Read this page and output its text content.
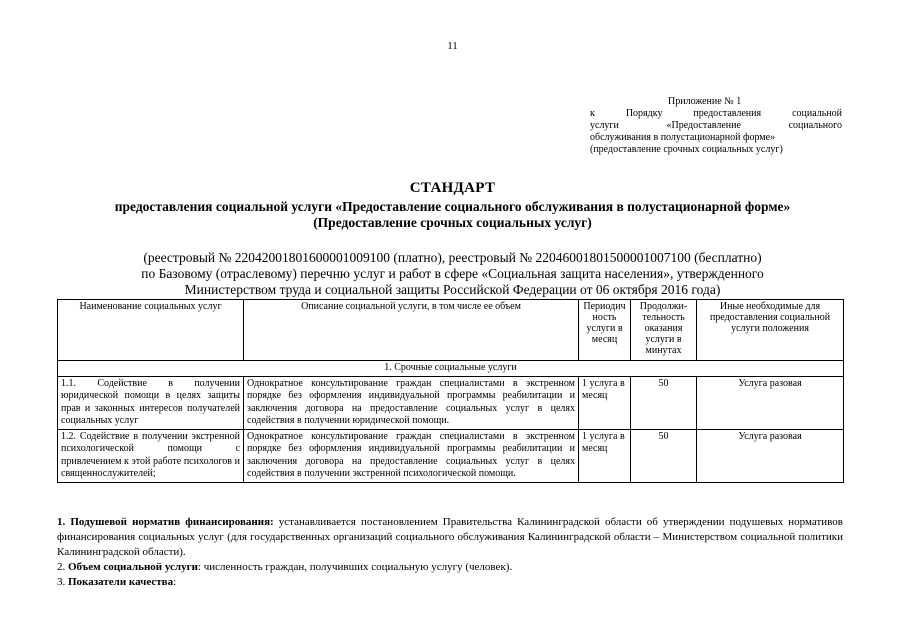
11
Приложение № 1
к Порядку предоставления социальной
услуги «Предоставление социального
обслуживания в полустационарной форме»
(предоставление срочных социальных услуг)
СТАНДАРТ
предоставления социальной услуги «Предоставление социального обслуживания в полустационарной форме»
(Предоставление срочных социальных услуг)
(реестровый № 22042001801600001009100 (платно), реестровый № 22046001801500001007100 (бесплатно)
по Базовому (отраслевому) перечню услуг и работ в сфере «Социальная защита населения», утвержденного
Министерством труда и социальной защиты Российской Федерации от 06 октября 2016 года)
Наименование социальных услуг	Описание социальной услуги, в том числе ее объем	Периодич ность услуги в месяц	Продолжи- тельность оказания услуги в минутах	Иные необходимые для предоставления социальной услуги положения
1. Срочные социальные услуги				
1.1. Содействие в получении юридической помощи в целях защиты прав и законных интересов получателей социальных услуг	Однократное консультирование граждан специалистами в экстренном порядке без оформления индивидуальной программы реабилитации и заключения договора на предоставление социальных услуг в целях содействия в получении юридической помощи.	1 услуга в месяц	50	Услуга разовая
1.2. Содействие в получении экстренной психологической помощи с привлечением к этой работе психологов и священнослужителей;	Однократное консультирование граждан специалистами в экстренном порядке без оформления индивидуальной программы реабилитации и заключения договора на предоставление социальных услуг в целях содействия в получении экстренной психологической помощи.	1 услуга в месяц	50	Услуга разовая

1. Подушевой норматив финансирования: устанавливается постановлением Правительства Калининградской области об утверждении подушевых нормативов финансирования социальных услуг (для государственных организаций социального обслуживания Калининградской области – Министерством социальной политики Калининградской области).

2. Объем социальной услуги: численность граждан, получивших социальную услугу (человек).

3. Показатели качества:
